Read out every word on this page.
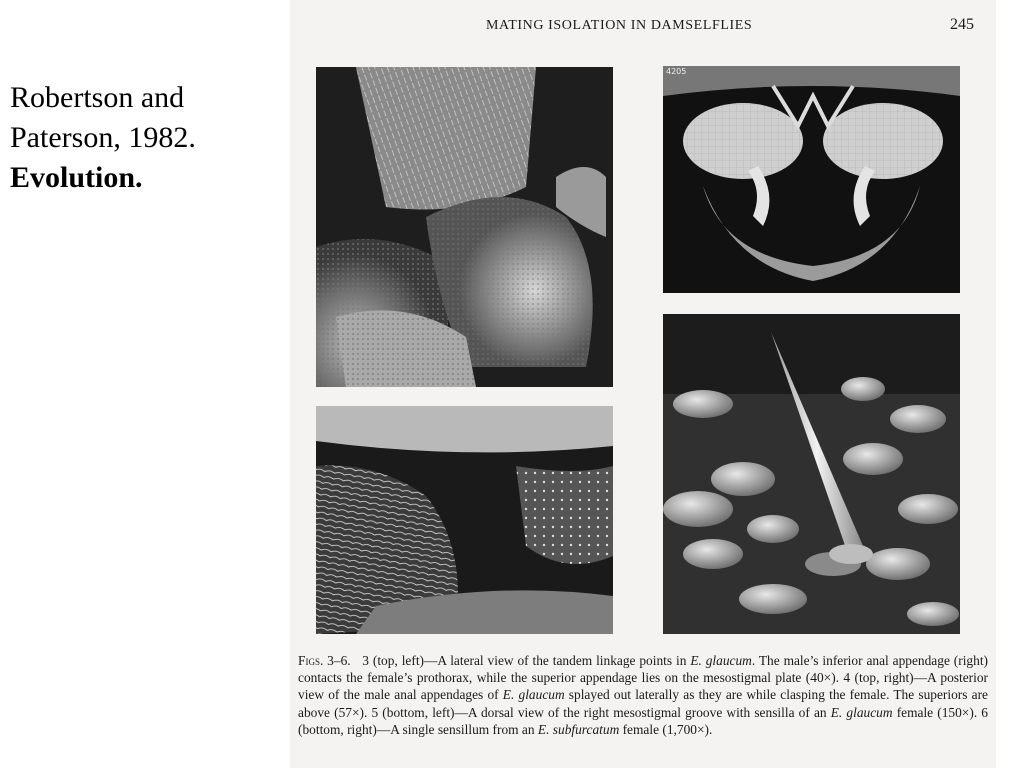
Robertson and
Paterson, 1982.
Evolution.
MATING ISOLATION IN DAMSELFLIES	245
4205
Figs. 3–6. 3 (top, left)—A lateral view of the tandem linkage points in E. glaucum. The male’s inferior anal appendage (right) contacts the female’s prothorax, while the superior appendage lies on the mesostigmal plate (40×). 4 (top, right)—A posterior view of the male anal appendages of E. glaucum splayed out laterally as they are while clasping the female. The superiors are above (57×). 5 (bottom, left)—A dorsal view of the right mesostigmal groove with sensilla of an E. glaucum female (150×). 6 (bottom, right)—A single sensillum from an E. subfurcatum female (1,700×).
